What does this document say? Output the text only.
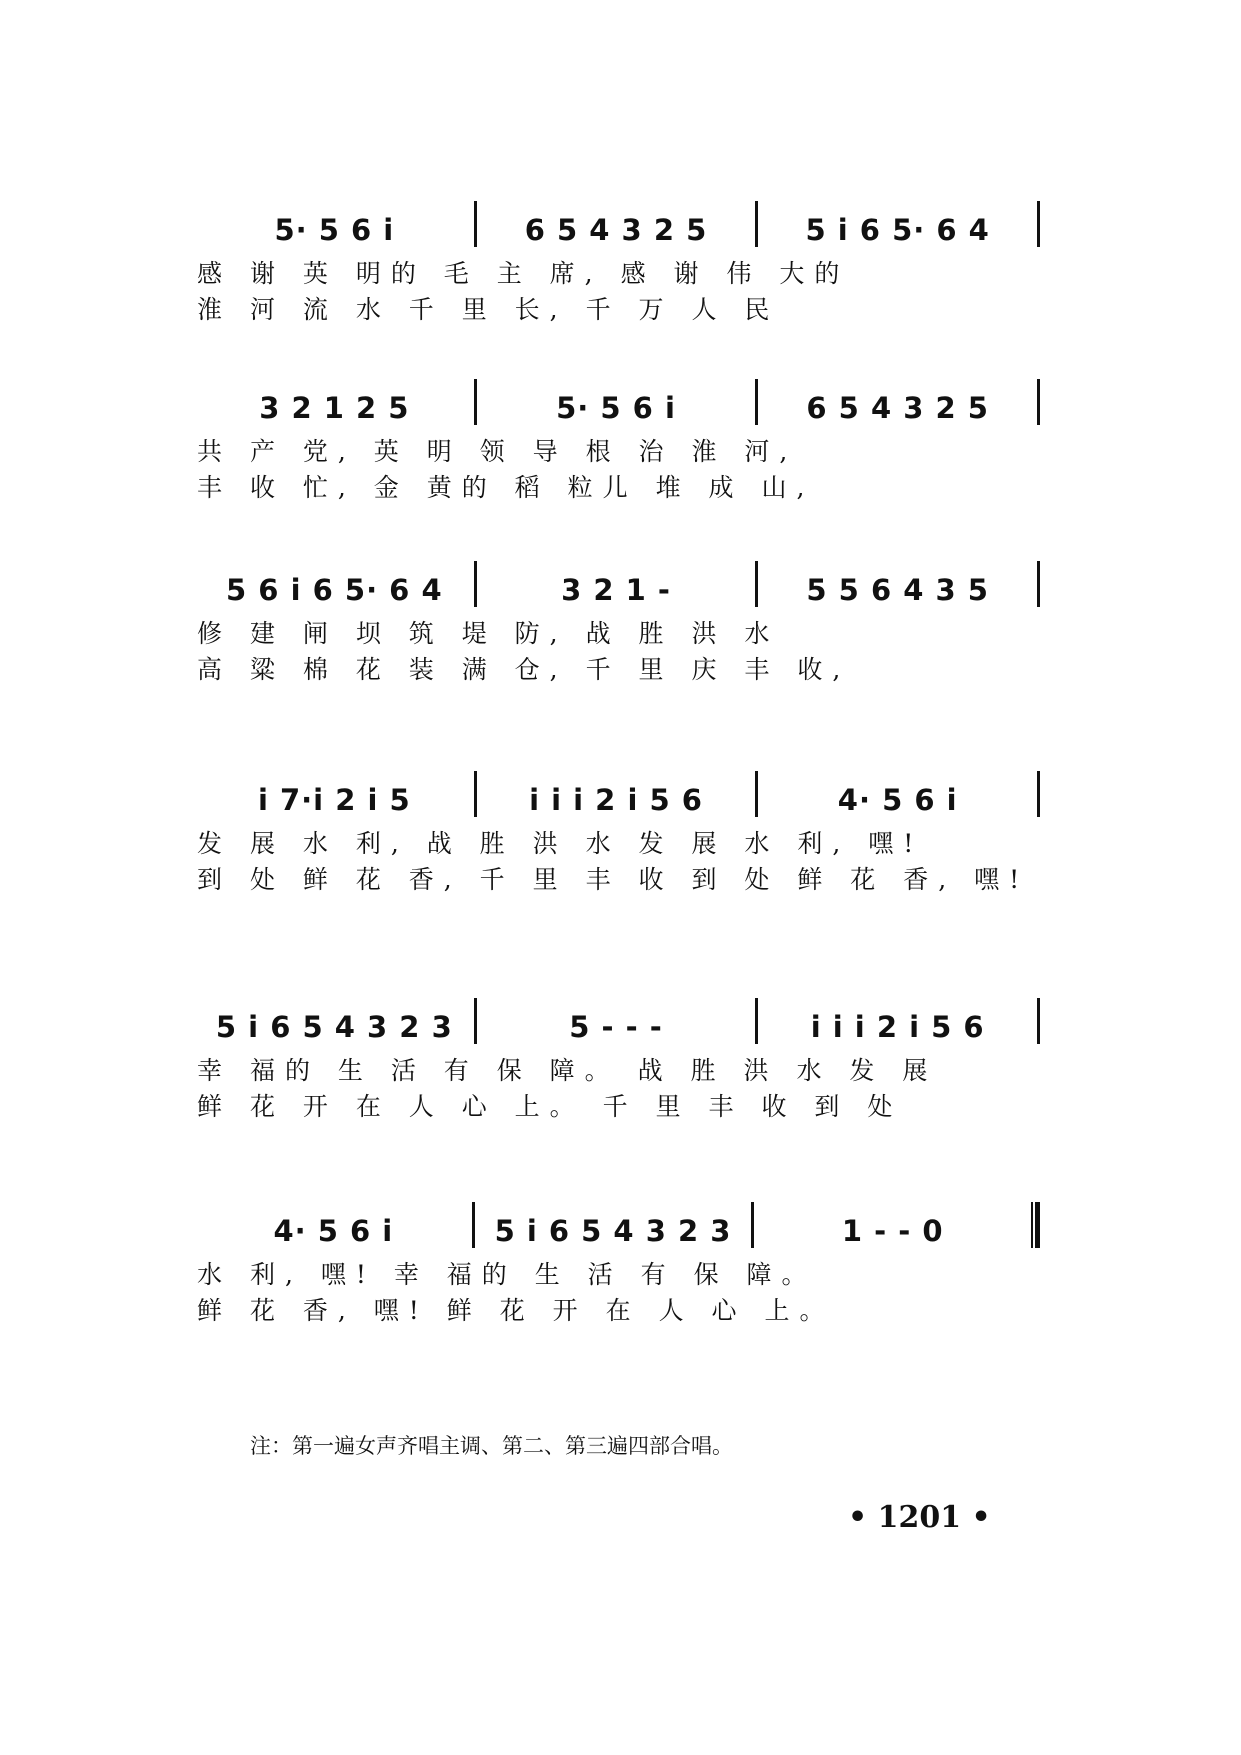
5· 5 6 i	6 5 4 3 2 5	5 i 6 5· 6 4
感 谢 英 明的 毛 主 席, 感 谢 伟 大的
淮 河 流 水 千 里 长, 千 万 人 民
3 2 1 2 5	5· 5 6 i	6 5 4 3 2 5
共 产 党, 英 明 领 导 根 治 淮 河,
丰 收 忙, 金 黄的 稻 粒儿 堆 成 山,
5 6 i 6 5· 6 4	3 2 1 -	5 5 6 4 3 5
修 建 闸 坝 筑 堤 防, 战 胜 洪 水
高 粱 棉 花 装 满 仓, 千 里 庆 丰 收,
i 7·i 2 i 5	i i i 2 i 5 6	4· 5 6 i
发 展 水 利, 战 胜 洪 水 发 展 水 利, 嘿!
到 处 鲜 花 香, 千 里 丰 收 到 处 鲜 花 香, 嘿!
5 i 6 5 4 3 2 3	5 - - -	i i i 2 i 5 6
幸 福的 生 活 有 保 障。 战 胜 洪 水 发 展
鲜 花 开 在 人 心 上。 千 里 丰 收 到 处
4· 5 6 i	5 i 6 5 4 3 2 3	1 - - 0
水 利, 嘿! 幸 福的 生 活 有 保 障。
鲜 花 香, 嘿! 鲜 花 开 在 人 心 上。
注：第一遍女声齐唱主调、第二、第三遍四部合唱。
• 1201 •
